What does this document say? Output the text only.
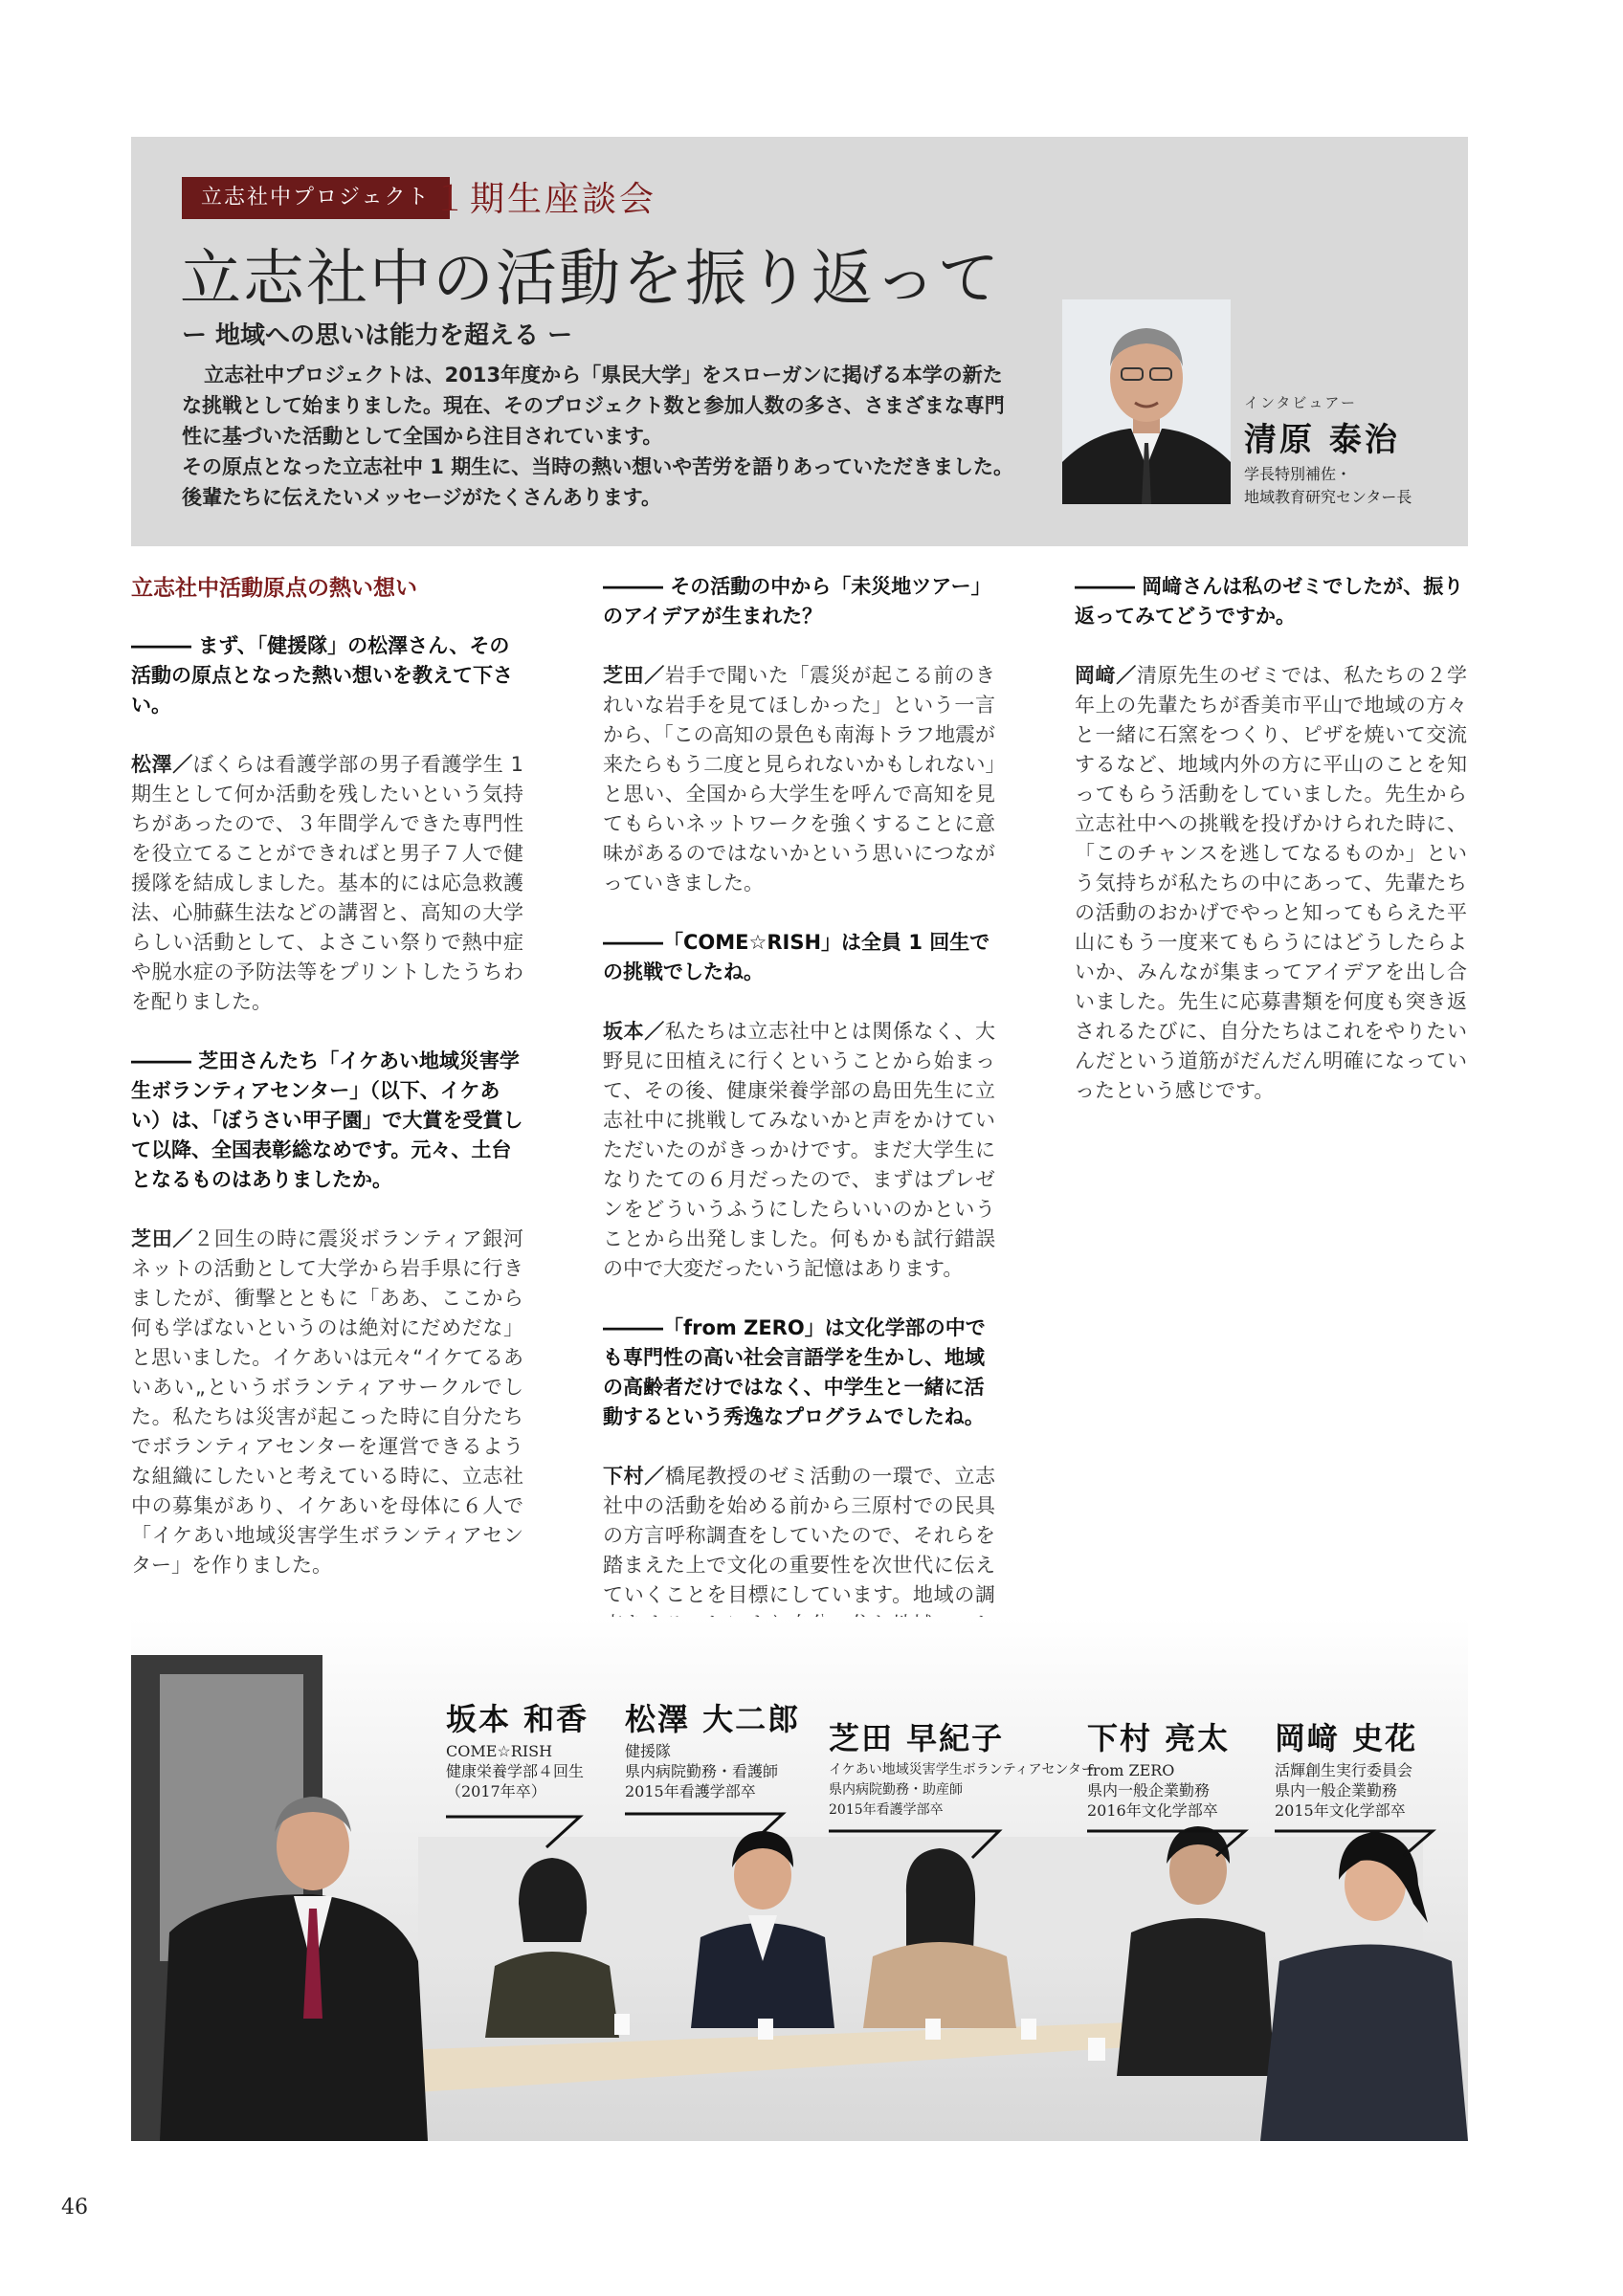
立志社中プロジェクト １期生座談会
立志社中の活動を振り返って
ー 地域への思いは能力を超える ー

立志社中プロジェクトは、2013年度から「県民大学」をスローガンに掲げる本学の新たな挑戦として始まりました。現在、そのプロジェクト数と参加人数の多さ、さまざまな専門性に基づいた活動として全国から注目されています。

その原点となった立志社中 1 期生に、当時の熱い想いや苦労を語りあっていただきました。後輩たちに伝えたいメッセージがたくさんあります。

インタビュアー
清原 泰治
学長特別補佐・
地域教育研究センター長
立志社中活動原点の熱い想い
――― まず、「健援隊」の松澤さん、その活動の原点となった熱い想いを教えて下さい。
松澤／ぼくらは看護学部の男子看護学生 1 期生として何か活動を残したいという気持ちがあったので、３年間学んできた専門性を役立てることができればと男子７人で健援隊を結成しました。基本的には応急救護法、心肺蘇生法などの講習と、高知の大学らしい活動として、よさこい祭りで熱中症や脱水症の予防法等をプリントしたうちわを配りました。
――― 芝田さんたち「イケあい地域災害学生ボランティアセンター」（以下、イケあい）は、「ぼうさい甲子園」で大賞を受賞して以降、全国表彰総なめです。元々、土台となるものはありましたか。
芝田／２回生の時に震災ボランティア銀河ネットの活動として大学から岩手県に行きましたが、衝撃とともに「ああ、ここから何も学ばないというのは絶対にだめだな」と思いました。イケあいは元々“イケてるあいあい„というボランティアサークルでした。私たちは災害が起こった時に自分たちでボランティアセンターを運営できるような組織にしたいと考えている時に、立志社中の募集があり、イケあいを母体に６人で「イケあい地域災害学生ボランティアセンター」を作りました。
――― その活動の中から「未災地ツアー」のアイデアが生まれた？
芝田／岩手で聞いた「震災が起こる前のきれいな岩手を見てほしかった」という一言から、「この高知の景色も南海トラフ地震が来たらもう二度と見られないかもしれない」と思い、全国から大学生を呼んで高知を見てもらいネットワークを強くすることに意味があるのではないかという思いにつながっていきました。
―――「COME☆RISH」は全員 1 回生での挑戦でしたね。
坂本／私たちは立志社中とは関係なく、大野見に田植えに行くということから始まって、その後、健康栄養学部の島田先生に立志社中に挑戦してみないかと声をかけていただいたのがきっかけです。まだ大学生になりたての６月だったので、まずはプレゼンをどういうふうにしたらいいのかということから出発しました。何もかも試行錯誤の中で大変だったいう記憶はあります。
―――「from ZERO」は文化学部の中でも専門性の高い社会言語学を生かし、地域の高齢者だけではなく、中学生と一緒に活動するという秀逸なプログラムでしたね。
下村／橋尾教授のゼミ活動の一環で、立志社中の活動を始める前から三原村での民具の方言呼称調査をしていたので、それらを踏まえた上で文化の重要性を次世代に伝えていくことを目標にしています。地域の調
――― 岡﨑さんは私のゼミでしたが、振り返ってみてどうですか。
岡﨑／清原先生のゼミでは、私たちの２学年上の先輩たちが香美市平山で地域の方々と一緒に石窯をつくり、ピザを焼いて交流するなど、地域内外の方に平山のことを知ってもらう活動をしていました。先生から立志社中への挑戦を投げかけられた時に、「このチャンスを逃してなるものか」という気持ちが私たちの中にあって、先輩たちの活動のおかげでやっと知ってもらえた平山にもう一度来てもらうにはどうしたらよいか、みんなが集まってアイデアを出し合いました。先生に応募書類を何度も突き返されるたびに、自分たちはこれをやりたいんだという道筋がだんだん明確になっていったという感じです。
坂本 和香
COME☆RISH
健康栄養学部４回生
（2017年卒）
松澤 大二郎
健援隊
県内病院勤務・看護師
2015年看護学部卒
芝田 早紀子
イケあい地域災害学生ボランティアセンター
県内病院勤務・助産師
2015年看護学部卒
下村 亮太
from ZERO
県内一般企業勤務
2016年文化学部卒
岡﨑 史花
活輝創生実行委員会
県内一般企業勤務
2015年文化学部卒
46
